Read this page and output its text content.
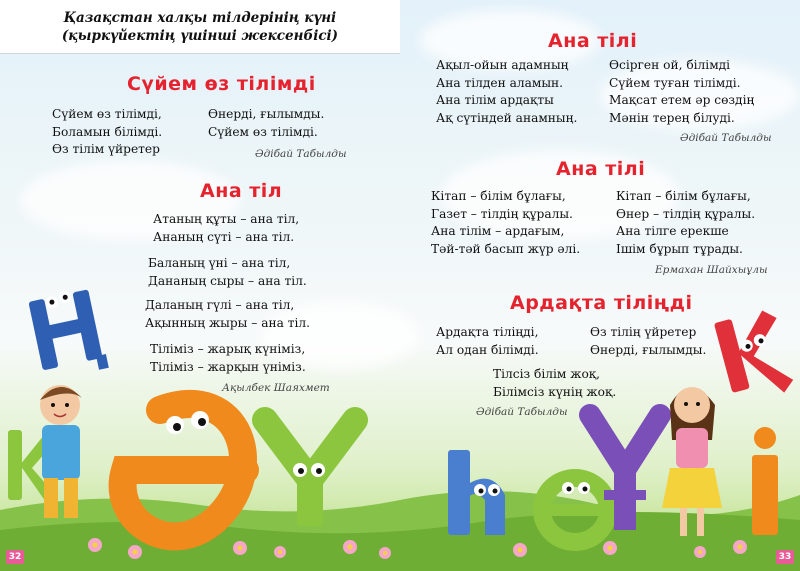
Қазақстан халқы тілдерінің күні

(қыркүйектің үшінші жексенбісі)

Сүйем өз тілімді
Сүйем өз тілімді,
Боламын білімді.
Өз тілім үйретер
Өнерді, ғылымды.
Сүйем өз тілімді.
Әдібай Табылды
Ана тіл
Атаның құты – ана тіл,
Ананың сүті – ана тіл.
Баланың үні – ана тіл,
Дананың сыры – ана тіл.
Даланың гүлі – ана тіл,
Ақынның жыры – ана тіл.
Тіліміз – жарық күніміз,
Тіліміз – жарқын үніміз.
Ақылбек Шаяхмет
Ана тілі
Ақыл-ойын адамның
Ана тілден аламын.
Ана тілім ардақты
Ақ сүтіндей анамның.
Өсірген ой, білімді
Сүйем туған тілімді.
Мақсат етем әр сөздің
Мәнін терең білуді.
Әдібай Табылды
Ана тілі
Кітап – білім бұлағы,
Газет – тілдің құралы.
Ана тілім – ардағым,
Тәй-тәй басып жүр әлі.
Кітап – білім бұлағы,
Өнер – тілдің құралы.
Ана тілге ерекше
Ішім бұрып тұрады.
Ермахан Шайхыұлы
Ардақта тіліңді
Ардақта тіліңді,
Ал одан білімді.
Өз тілің үйретер
Өнерді, ғылымды.
Тілсіз білім жоқ,
Білімсіз күнің жоқ.
Әдібай Табылды
32	33
